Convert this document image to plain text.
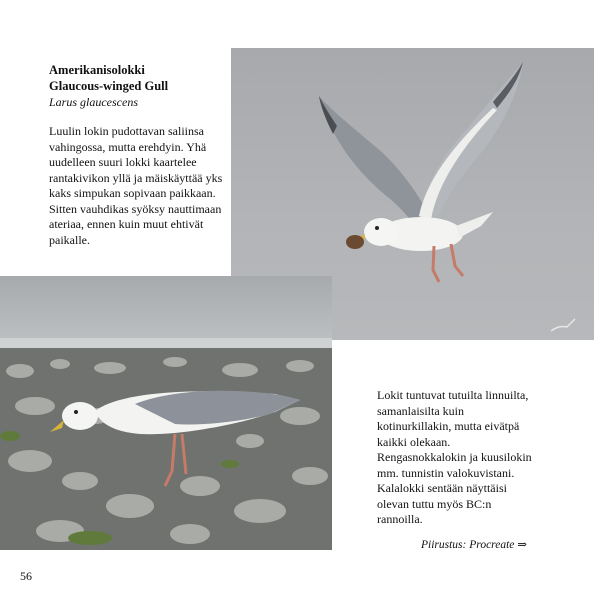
Amerikanisolokki
Glaucous-winged Gull
Larus glaucescens

Luulin lokin pudottavan saliinsa vahingossa, mutta erehdyin. Yhä uudelleen suuri lokki kaartelee rantakivikon yllä ja mäiskäyttää yks kaks simpukan sopivaan paikkaan. Sitten vauhdikas syöksy nauttimaan ateriaa, ennen kuin muut ehtivät paikalle.

Lokit tuntuvat tutuilta linnuilta, samanlaisilta kuin kotinurkillakin, mutta eivätpä kaikki olekaan. Rengasnokkalokin ja kuusilokin mm. tunnistin valokuvistani. Kalalokki sentään näyttäisi olevan tuttu myös BC:n rannoilla.

Piirustus: Procreate ⇒
56
